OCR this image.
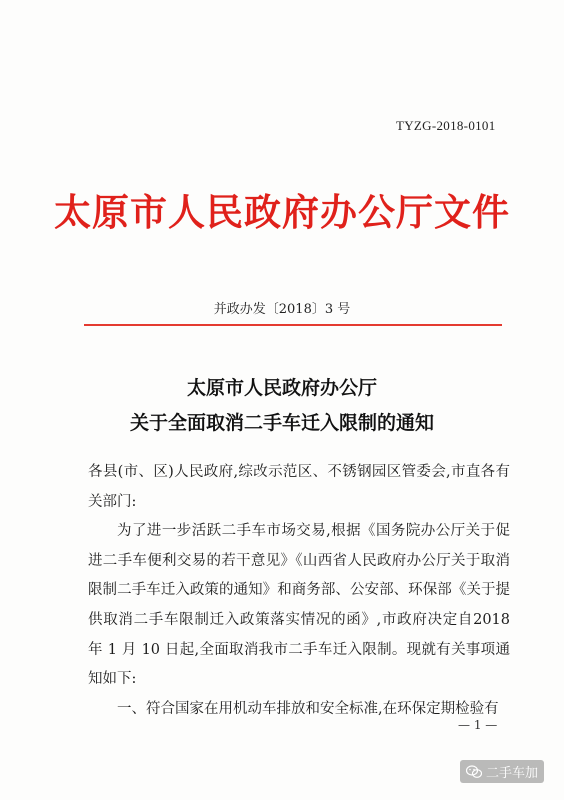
TYZG-2018-0101
太原市人民政府办公厅文件
并政办发〔2018〕3 号
太原市人民政府办公厅
关于全面取消二手车迁入限制的通知

各县(市、区)人民政府,综改示范区、不锈钢园区管委会,市直各有关部门:

为了进一步活跃二手车市场交易,根据《国务院办公厅关于促进二手车便利交易的若干意见》《山西省人民政府办公厅关于取消限制二手车迁入政策的通知》和商务部、公安部、环保部《关于提供取消二手车限制迁入政策落实情况的函》,市政府决定自2018 年 1 月 10 日起,全面取消我市二手车迁入限制。现就有关事项通知如下:

一、符合国家在用机动车排放和安全标准,在环保定期检验有

— 1 —
二手车加
